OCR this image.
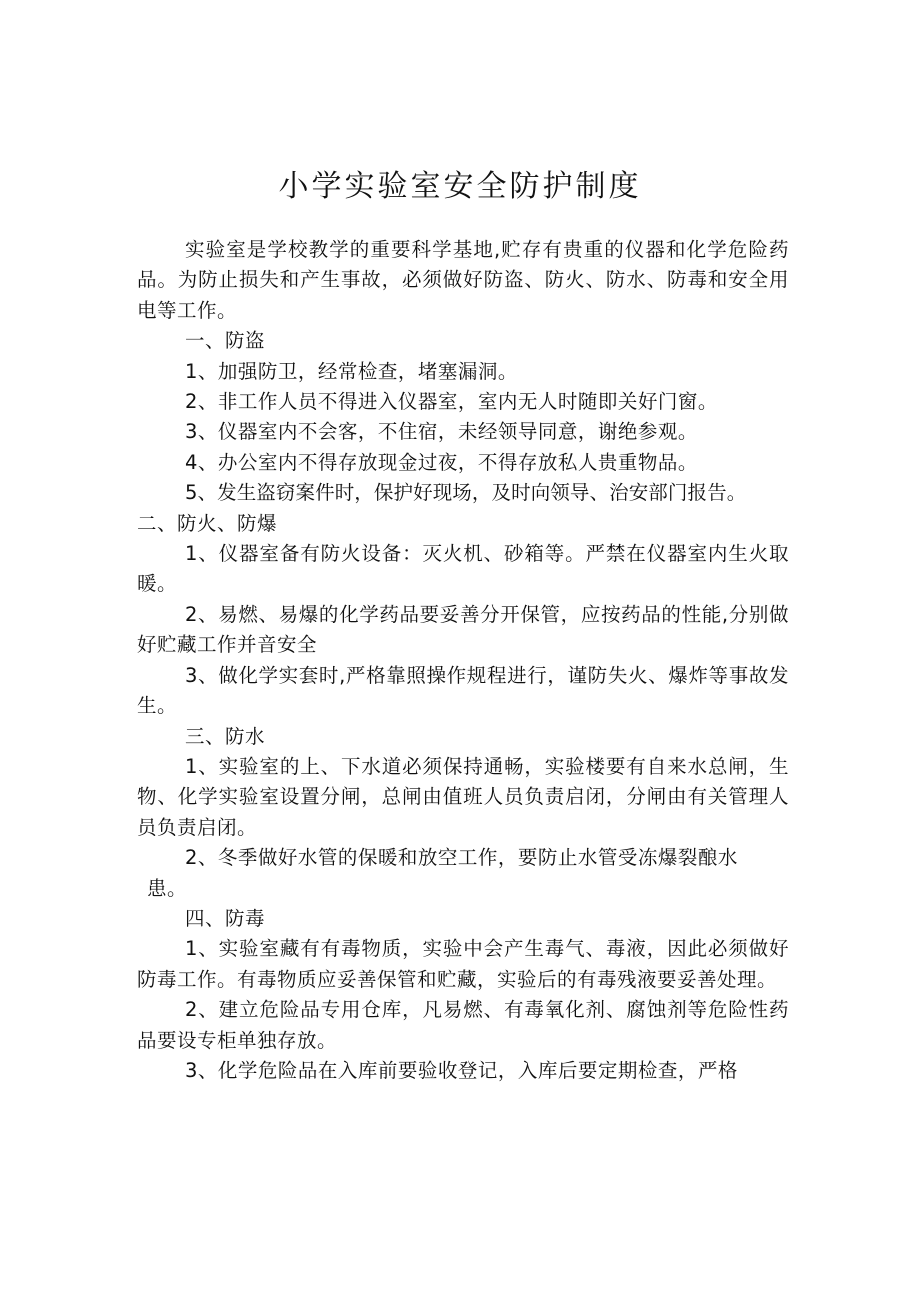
小学实验室安全防护制度

实验室是学校教学的重要科学基地,贮存有贵重的仪器和化学危险药品。为防止损失和产生事故，必须做好防盗、防火、防水、防毒和安全用电等工作。

一、防盗

1、加强防卫，经常检查，堵塞漏洞。

2、非工作人员不得进入仪器室，室内无人时随即关好门窗。

3、仪器室内不会客，不住宿，未经领导同意，谢绝参观。

4、办公室内不得存放现金过夜，不得存放私人贵重物品。

5、发生盗窃案件时，保护好现场，及时向领导、治安部门报告。

二、防火、防爆

1、仪器室备有防火设备：灭火机、砂箱等。严禁在仪器室内生火取暖。

2、易燃、易爆的化学药品要妥善分开保管，应按药品的性能,分别做好贮藏工作并音安全

3、做化学实套时,严格靠照操作规程进行，谨防失火、爆炸等事故发生。

三、防水

1、实验室的上、下水道必须保持通畅，实验楼要有自来水总闸，生物、化学实验室设置分闸，总闸由值班人员负责启闭，分闸由有关管理人员负责启闭。

2、冬季做好水管的保暖和放空工作，要防止水管受冻爆裂酿水

患。

四、防毒

1、实验室藏有有毒物质，实验中会产生毒气、毒液，因此必须做好防毒工作。有毒物质应妥善保管和贮藏，实验后的有毒残液要妥善处理。

2、建立危险品专用仓库，凡易燃、有毒氧化剂、腐蚀剂等危险性药品要设专柜单独存放。

3、化学危险品在入库前要验收登记，入库后要定期检查，严格
